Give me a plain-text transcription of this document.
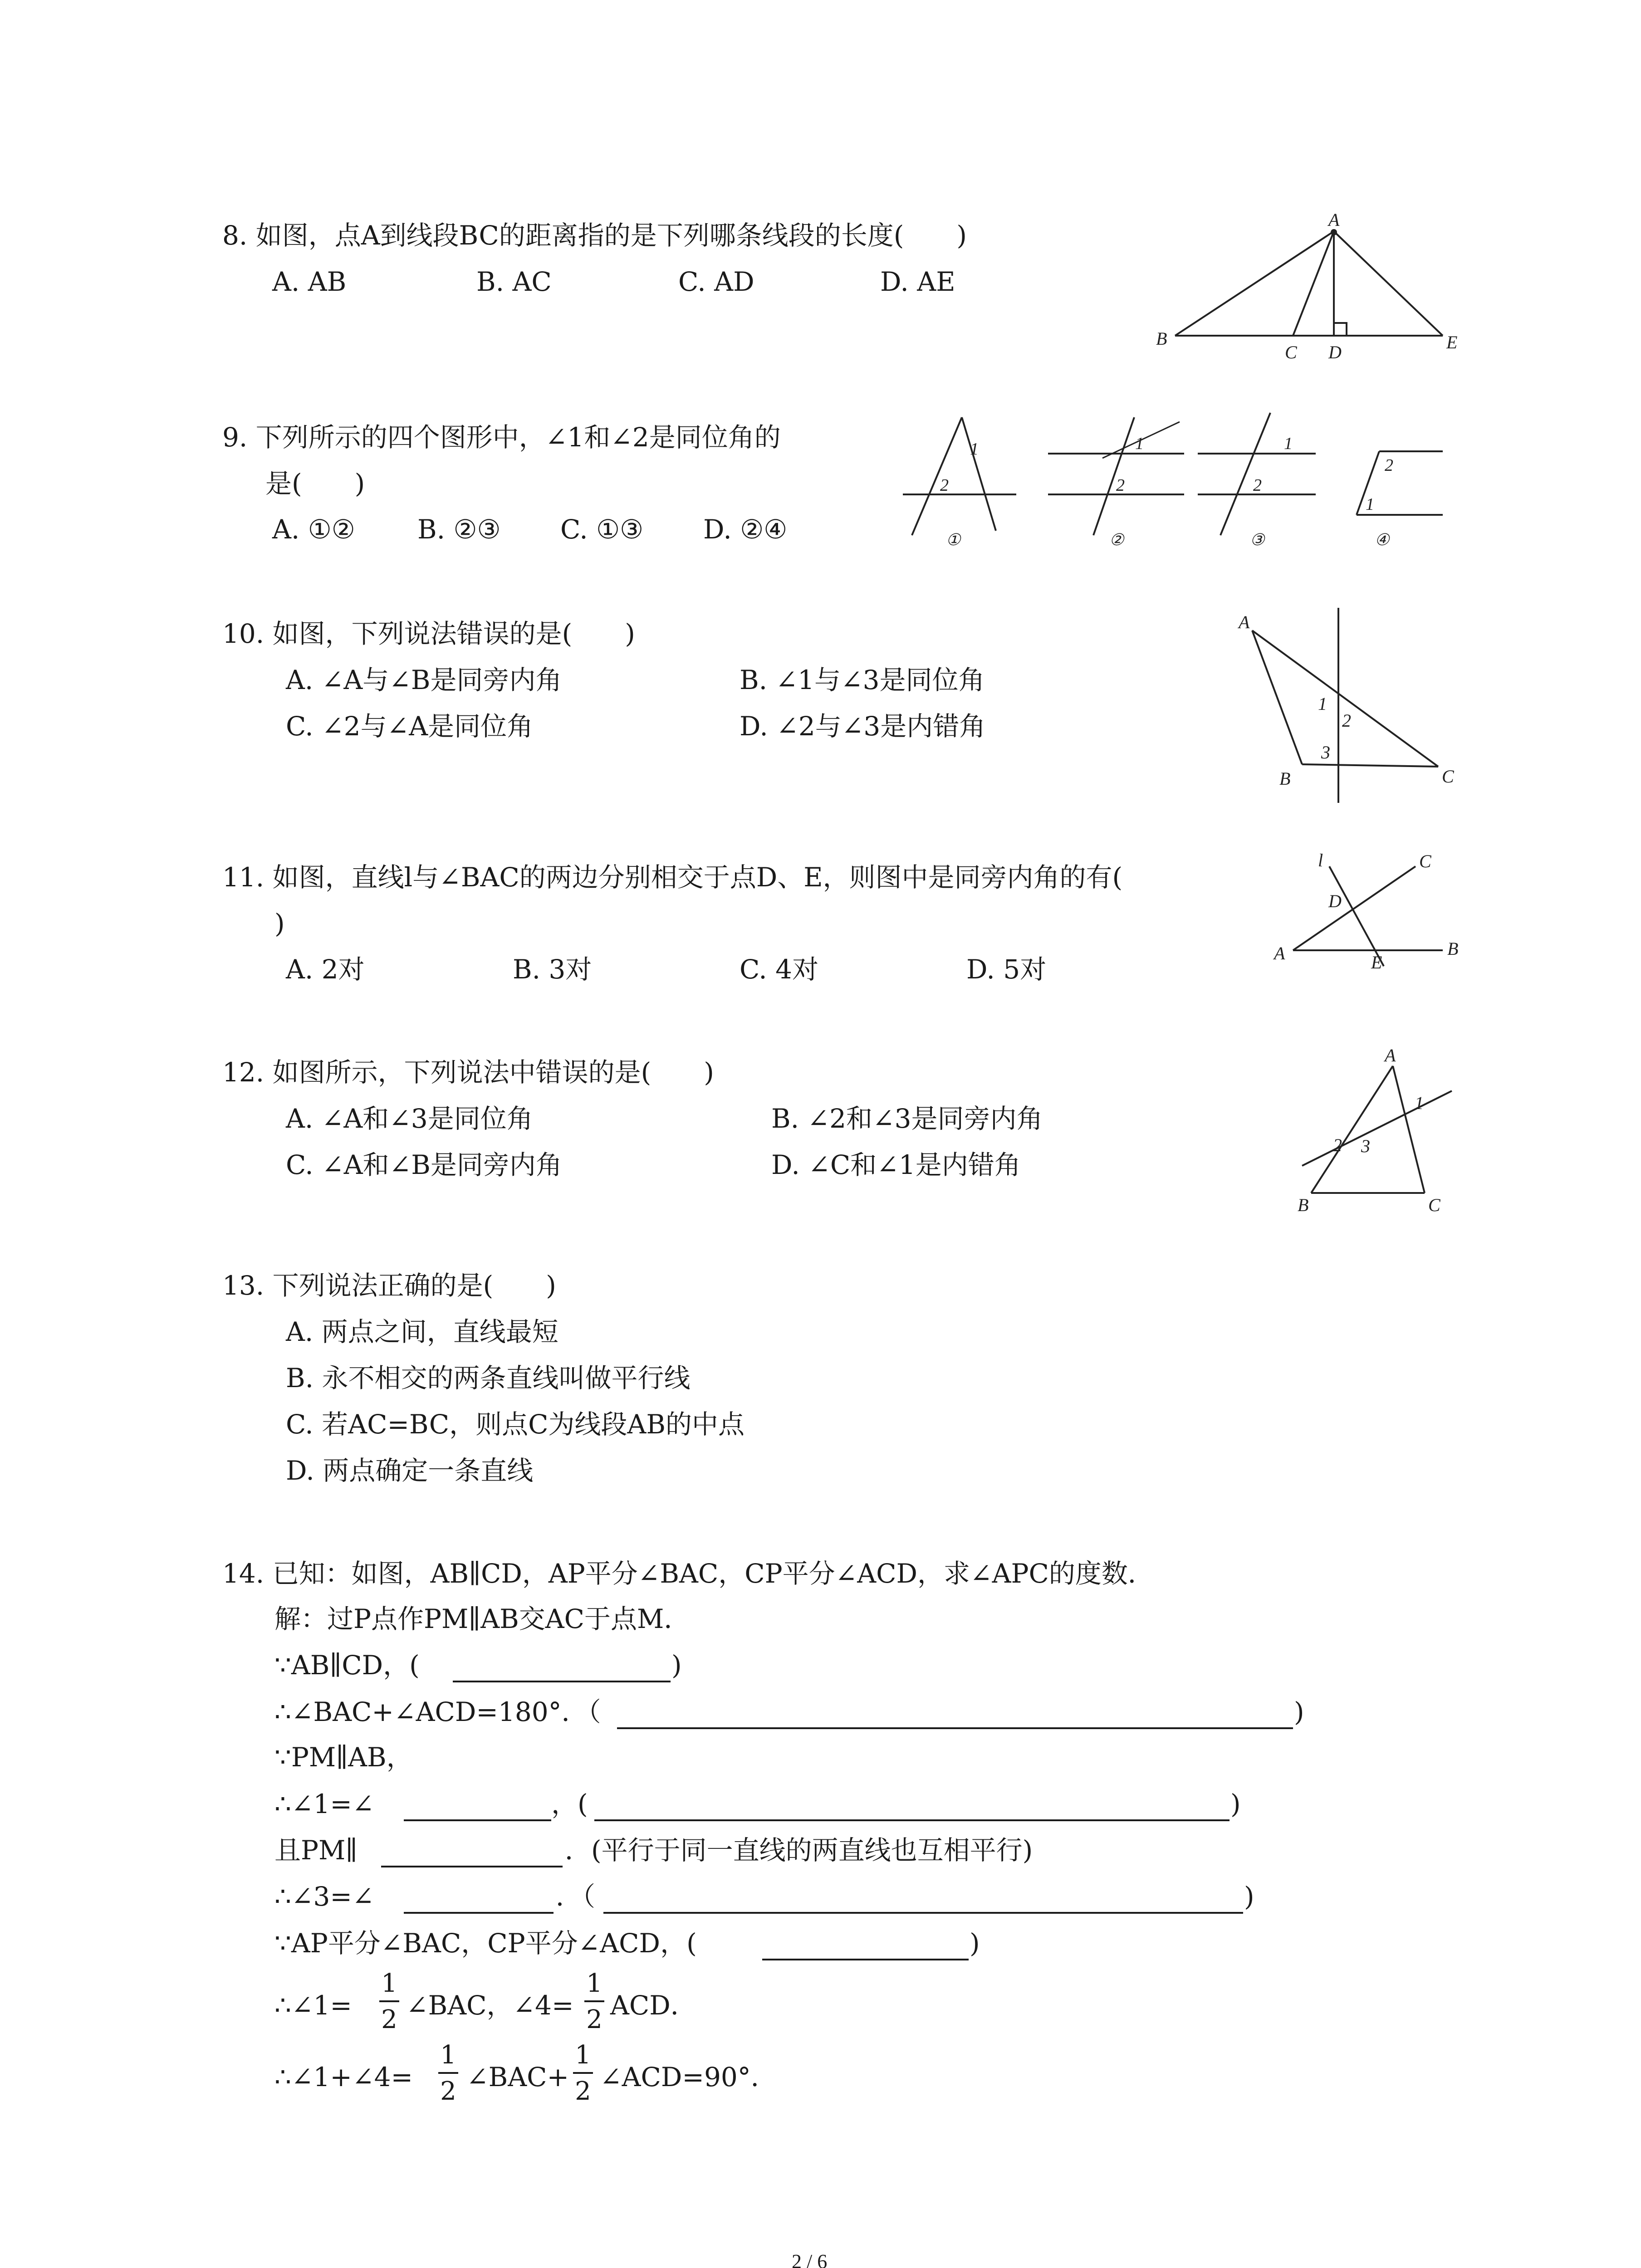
8. 如图，点A到线段BC的距离指的是下列哪条线段的长度(　　)
A. AB	B. AC	C. AD	D. AE
A
B
C D	E
9. 下列所示的四个图形中，∠1和∠2是同位角的
是(　　)
A. ①② B. ②③ C. ①③ D. ②④
1
2
1
2
1
2
2
1
①	②	③	④
10. 如图，下列说法错误的是(　　)
A. ∠A与∠B是同旁内角	B. ∠1与∠3是同位角
C. ∠2与∠A是同位角	D. ∠2与∠3是内错角
A
B	C
1
2
3
11. 如图，直线l与∠BAC的两边分别相交于点D、E，则图中是同旁内角的有(
)
A. 2对	B. 3对	C. 4对	D. 5对
l	C
D
A	E
B
12. 如图所示，下列说法中错误的是(　　)
A. ∠A和∠3是同位角	B. ∠2和∠3是同旁内角
C. ∠A和∠B是同旁内角	D. ∠C和∠1是内错角
A
B	C
1
2 3
13. 下列说法正确的是(　　)
A. 两点之间，直线最短
B. 永不相交的两条直线叫做平行线
C. 若AC=BC，则点C为线段AB的中点
D. 两点确定一条直线
14. 已知：如图，AB∥CD，AP平分∠BAC，CP平分∠ACD，求∠APC的度数．
解：过P点作PM∥AB交AC于点M．
∵AB∥CD，(	)
∴∠BAC+∠ACD=180°．（	)
∵PM∥AB，
∴∠1=∠	，(	)
且PM∥	．(平行于同一直线的两直线也互相平行)
∴∠3=∠	．（	)
∵AP平分∠BAC，CP平分∠ACD，(	)
∴∠1=
1
2 ∠BAC，∠4=
1
2 ACD．
∴∠1+∠4=
1
2 ∠BAC+
1
2 ∠ACD=90°．
2 / 6
